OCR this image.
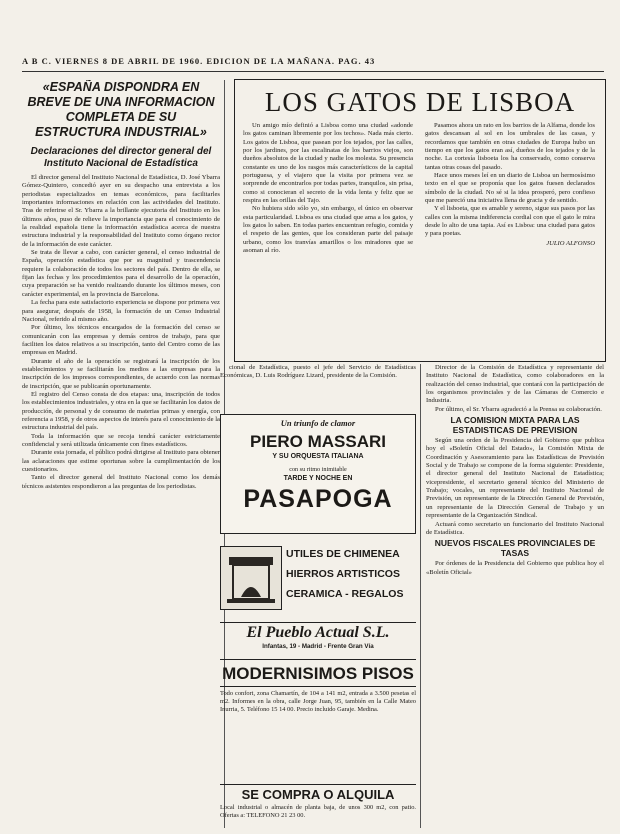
A B C. VIERNES 8 DE ABRIL DE 1960. EDICION DE LA MAÑANA. PAG. 43
«ESPAÑA DISPONDRA EN BREVE DE UNA INFORMACION COMPLETA DE SU ESTRUCTURA INDUSTRIAL»
Declaraciones del director general del Instituto Nacional de Estadística

El director general del Instituto Nacional de Estadística, D. José Ybarra Gómez-Quintero, concedió ayer en su despacho una entrevista a los periodistas especializados en temas económicos, para facilitarles importantes informaciones en relación con las actividades del Instituto. Tras de referirse el Sr. Ybarra a la brillante ejecutoria del Instituto en los últimos años, puso de relieve la importancia que para el conocimiento de la realidad española tiene la información estadística acerca de nuestra estructura industrial y la responsabilidad del Instituto como órgano rector de la información de este carácter.

Se trata de llevar a cabo, con carácter general, el censo industrial de España, operación estadística que por su magnitud y trascendencia requiere la colaboración de todos los sectores del país. Dentro de ella, se fijan las fechas y los procedimientos para el desarrollo de la operación, cuya preparación se ha venido realizando durante los últimos meses, con carácter experimental, en la provincia de Barcelona.

La fecha para este satisfactorio experiencia se dispone por primera vez para asegurar, después de 1958, la formación de un Censo Industrial Nacional, referido al mismo año.

Por último, los técnicos encargados de la formación del censo se comunicarán con las empresas y demás centros de trabajo, para que faciliten los datos relativos a su inscripción, tanto del Centro como de las empresas en Madrid.

Durante el año de la operación se registrará la inscripción de los establecimientos y se facilitarán los medios a las empresas para la inscripción de los impresos correspondientes, de acuerdo con las normas de inscripción, que se publicarán oportunamente.

El registro del Censo consta de dos etapas: una, inscripción de todos los establecimientos industriales, y otra en la que se facilitarán los datos de producción, de personal y de consumo de materias primas y energía, con referencia a 1958, y de otros aspectos de interés para el conocimiento de la estructura industrial del país.

Toda la información que se recoja tendrá carácter estrictamente confidencial y será utilizada únicamente con fines estadísticos.

Durante esta jornada, el público podrá dirigirse al Instituto para obtener las aclaraciones que estime oportunas sobre la cumplimentación de los cuestionarios.

Tanto el director general del Instituto Nacional como los demás técnicos asistentes respondieron a las preguntas de los periodistas.

LOS GATOS DE LISBOA

Un amigo mío definió a Lisboa como una ciudad «adonde los gatos caminan libremente por los techos». Nada más cierto. Los gatos de Lisboa, que pasean por los tejados, por las calles, por los jardines, por las escalinatas de los barrios viejos, son dueños absolutos de la ciudad y nadie los molesta. Su presencia constante es uno de los rasgos más característicos de la capital portuguesa, y el viajero que la visita por primera vez se sorprende de encontrarlos por todas partes, tranquilos, sin prisa, como si conocieran el secreto de la vida lenta y feliz que se respira en las orillas del Tajo.

No hubiera sido sólo yo, sin embargo, el único en observar esta particularidad. Lisboa es una ciudad que ama a los gatos, y los gatos lo saben. En todas partes encuentran refugio, comida y el respeto de las gentes, que los consideran parte del paisaje urbano, como los tranvías amarillos o los miradores que se asoman al río.

Pasamos ahora un rato en los barrios de la Alfama, donde los gatos descansan al sol en los umbrales de las casas, y recordamos que también en otras ciudades de Europa hubo un tiempo en que los gatos eran así, dueños de los tejados y de la noche. La cortesía lisboeta los ha conservado, como conserva tantas otras cosas del pasado.

Hace unos meses leí en un diario de Lisboa un hermosísimo texto en el que se proponía que los gatos fuesen declarados símbolo de la ciudad. No sé si la idea prosperó, pero confieso que me pareció una iniciativa llena de gracia y de sentido.

Y el lisboeta, que es amable y sereno, sigue sus pasos por las calles con la misma indiferencia cordial con que el gato le mira desde lo alto de una tapia. Así es Lisboa: una ciudad para gatos y para poetas.

JULIO ALFONSO

cional de Estadística, puesto el jefe del Servicio de Estadísticas Económicas, D. Luis Rodríguez Lizard, presidente de la Comisión.

Un triunfo de clamor
PIERO MASSARI
Y SU ORQUESTA ITALIANA
con su ritmo inimitable
TARDE Y NOCHE EN
PASAPOGA
UTILES DE CHIMENEA
HIERROS ARTISTICOS
CERAMICA - REGALOS
El Pueblo Actual S.L.
Infantas, 19 - Madrid - Frente Gran Vía
MODERNISIMOS PISOS
Todo confort, zona Chamartín, de 104 a 141 m2, entrada a 3.500 pesetas el m2. Informes en la obra, calle Jorge Juan, 95, también en la Calle Mateo Inurria, 5. Teléfono 15 14 00. Precio incluido Garaje. Medina.
SE COMPRA O ALQUILA
Local industrial o almacén de planta baja, de unos 300 m2, con patio. Ofertas a: TELEFONO 21 23 00.

Director de la Comisión de Estadística y representante del Instituto Nacional de Estadística, como colaboradores en la realización del censo industrial, que contará con la participación de los organismos provinciales y de las Cámaras de Comercio e Industria.

Por último, el Sr. Ybarra agradeció a la Prensa su colaboración.

LA COMISION MIXTA PARA LAS ESTADISTICAS DE PREVISION

Según una orden de la Presidencia del Gobierno que publica hoy el «Boletín Oficial del Estado», la Comisión Mixta de Coordinación y Asesoramiento para las Estadísticas de Previsión Social y de Trabajo se compone de la forma siguiente: Presidente, el director general del Instituto Nacional de Estadística; vicepresidente, el secretario general técnico del Ministerio de Trabajo; vocales, un representante del Instituto Nacional de Previsión, un representante de la Dirección General de Previsión, un representante de la Dirección General de Trabajo y un representante de la Organización Sindical.

Actuará como secretario un funcionario del Instituto Nacional de Estadística.

NUEVOS FISCALES PROVINCIALES DE TASAS

Por órdenes de la Presidencia del Gobierno que publica hoy el «Boletín Oficial»
